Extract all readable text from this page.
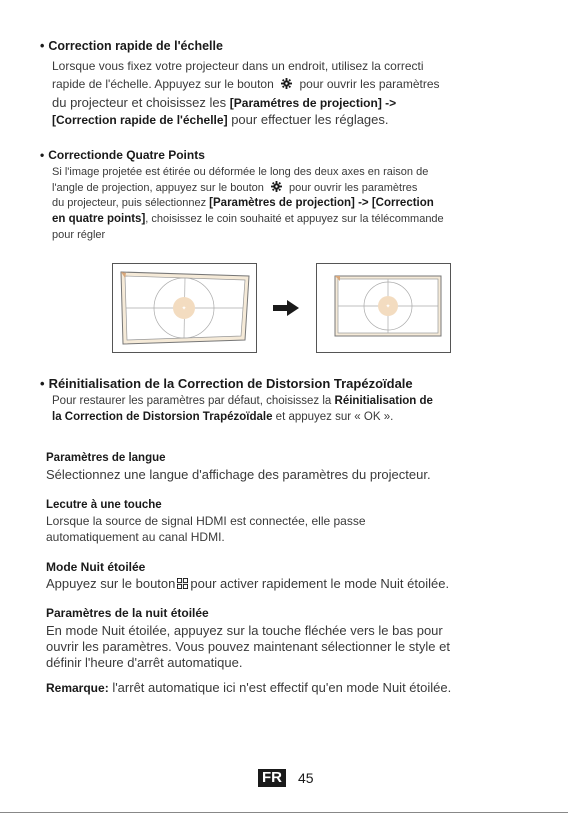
• Correction rapide de l'échelle
Lorsque vous fixez votre projecteur dans un endroit, utilisez la correcti
rapide de l'échelle. Appuyez sur le bouton pour ouvrir les paramètres
du projecteur et choisissez les [Paramétres de projection] ->
[Correction rapide de l'échelle] pour effectuer les réglages.
• Correctionde Quatre Points
Si l'image projetée est étirée ou déformée le long des deux axes en raison de
l'angle de projection, appuyez sur le bouton pour ouvrir les paramètres
du projecteur, puis sélectionnez [Paramètres de projection] -> [Correction
en quatre points], choisissez le coin souhaité et appuyez sur la télécommande
pour régler
✦	✦
• Réinitialisation de la Correction de Distorsion Trapézoïdale
Pour restaurer les paramètres par défaut, choisissez la Réinitialisation de
la Correction de Distorsion Trapézoïdale et appuyez sur « OK ».
Paramètres de langue
Sélectionnez une langue d'affichage des paramètres du projecteur.
Lecutre à une touche
Lorsque la source de signal HDMI est connectée, elle passe
automatiquement au canal HDMI.
Mode Nuit étoilée
Appuyez sur le bouton pour activer rapidement le mode Nuit étoilée.
Paramètres de la nuit étoilée
En mode Nuit étoilée, appuyez sur la touche fléchée vers le bas pour
ouvrir les paramètres. Vous pouvez maintenant sélectionner le style et
définir l'heure d'arrêt automatique.
Remarque: l'arrêt automatique ici n'est effectif qu'en mode Nuit étoilée.
FR 45
